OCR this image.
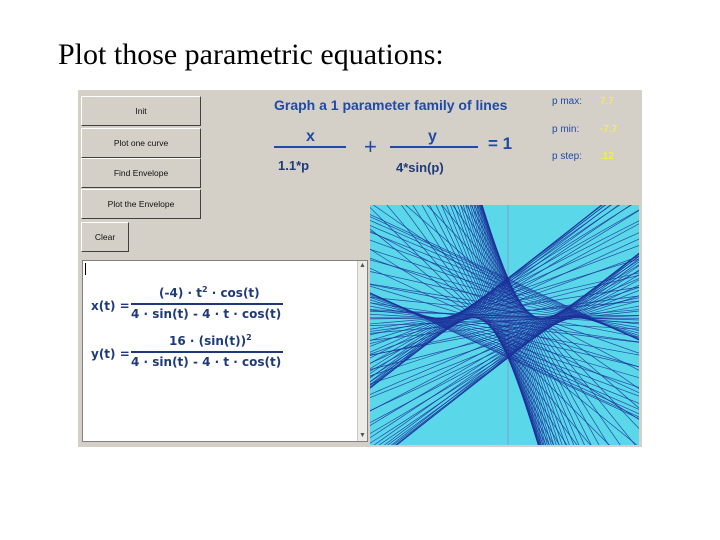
Plot those parametric equations:
Init
Plot one curve
Find Envelope
Plot the Envelope
Clear
Graph a 1 parameter family of lines
x +	y	= 1
1.1*p	4*sin(p)
p max: 7.7
p min: -7.7
p step: .12
x(t) =
$(-4) \cdot t^2 \cdot \cos(t)$
4 · sin(t) - 4 · t · cos(t)
y(t) =
$16 \cdot (\sin(t))^2$
4 · sin(t) - 4 · t · cos(t)
▲
▼
